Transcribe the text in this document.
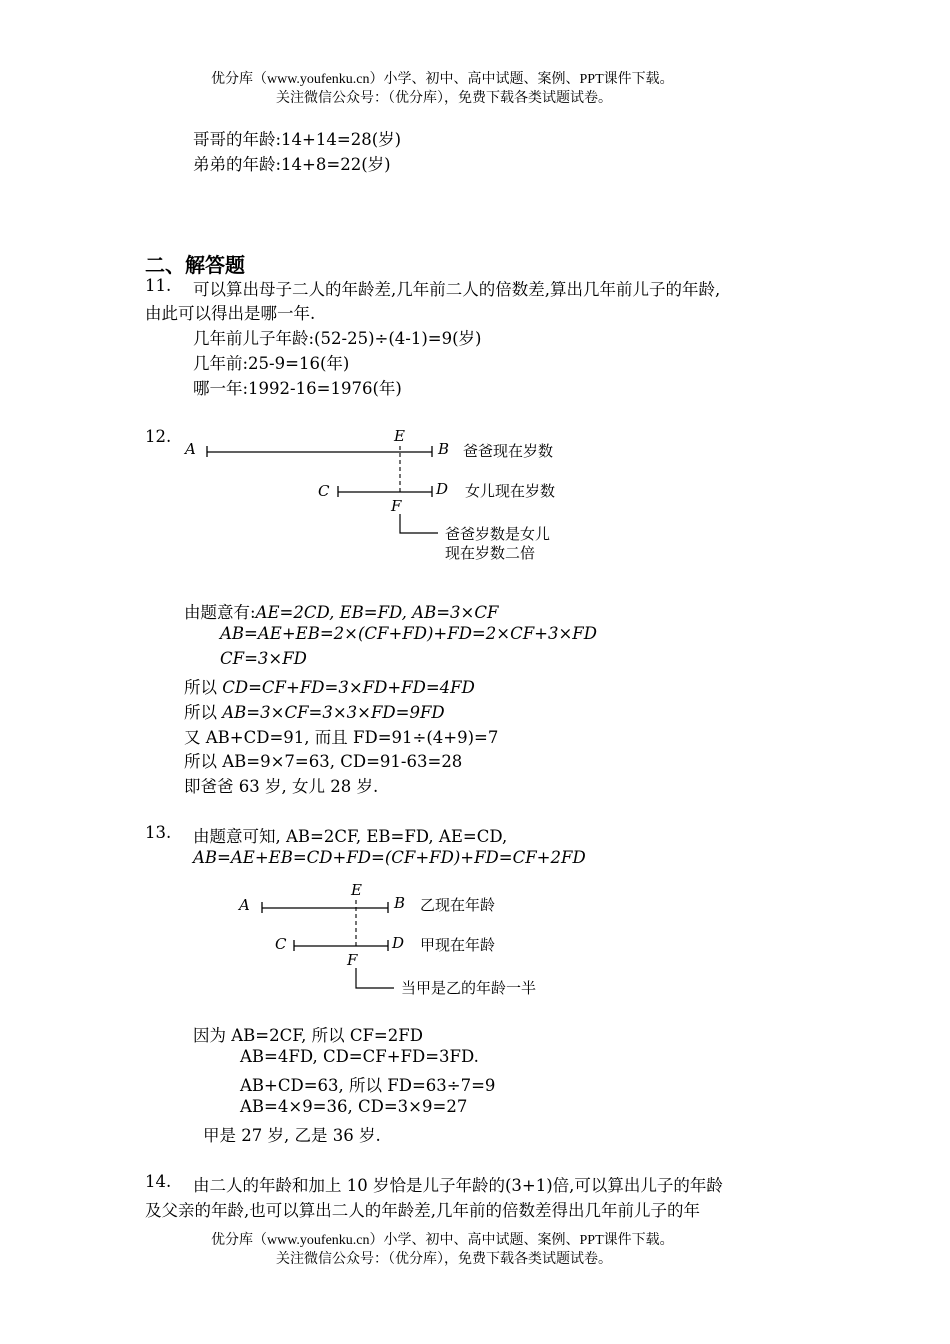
优分库（www.youfenku.cn）小学、初中、高中试题、案例、PPT课件下载。
关注微信公众号：（优分库），免费下载各类试题试卷。
哥哥的年龄:14+14=28(岁)
弟弟的年龄:14+8=22(岁)
二、解答题
11. 可以算出母子二人的年龄差,几年前二人的倍数差,算出几年前儿子的年龄,
由此可以得出是哪一年.
几年前儿子年龄:(52-25)÷(4-1)=9(岁)
几年前:25-9=16(年)
哪一年:1992-16=1976(年)
12.
A	B
E
C	D
F
爸爸现在岁数
女儿现在岁数
爸爸岁数是女儿
现在岁数二倍
由题意有:AE=2CD, EB=FD, AB=3×CF
AB=AE+EB=2×(CF+FD)+FD=2×CF+3×FD
CF=3×FD
所以 CD=CF+FD=3×FD+FD=4FD
所以 AB=3×CF=3×3×FD=9FD
又 AB+CD=91, 而且 FD=91÷(4+9)=7
所以 AB=9×7=63, CD=91-63=28
即爸爸 63 岁, 女儿 28 岁.
13. 由题意可知, AB=2CF, EB=FD, AE=CD,
AB=AE+EB=CD+FD=(CF+FD)+FD=CF+2FD
A	B
E
C	D
F
乙现在年龄
甲现在年龄
当甲是乙的年龄一半
因为 AB=2CF, 所以 CF=2FD
AB=4FD, CD=CF+FD=3FD.
AB+CD=63, 所以 FD=63÷7=9
AB=4×9=36, CD=3×9=27
甲是 27 岁, 乙是 36 岁.
14. 由二人的年龄和加上 10 岁恰是儿子年龄的(3+1)倍,可以算出儿子的年龄
及父亲的年龄,也可以算出二人的年龄差,几年前的倍数差得出几年前儿子的年
优分库（www.youfenku.cn）小学、初中、高中试题、案例、PPT课件下载。
关注微信公众号：（优分库），免费下载各类试题试卷。
